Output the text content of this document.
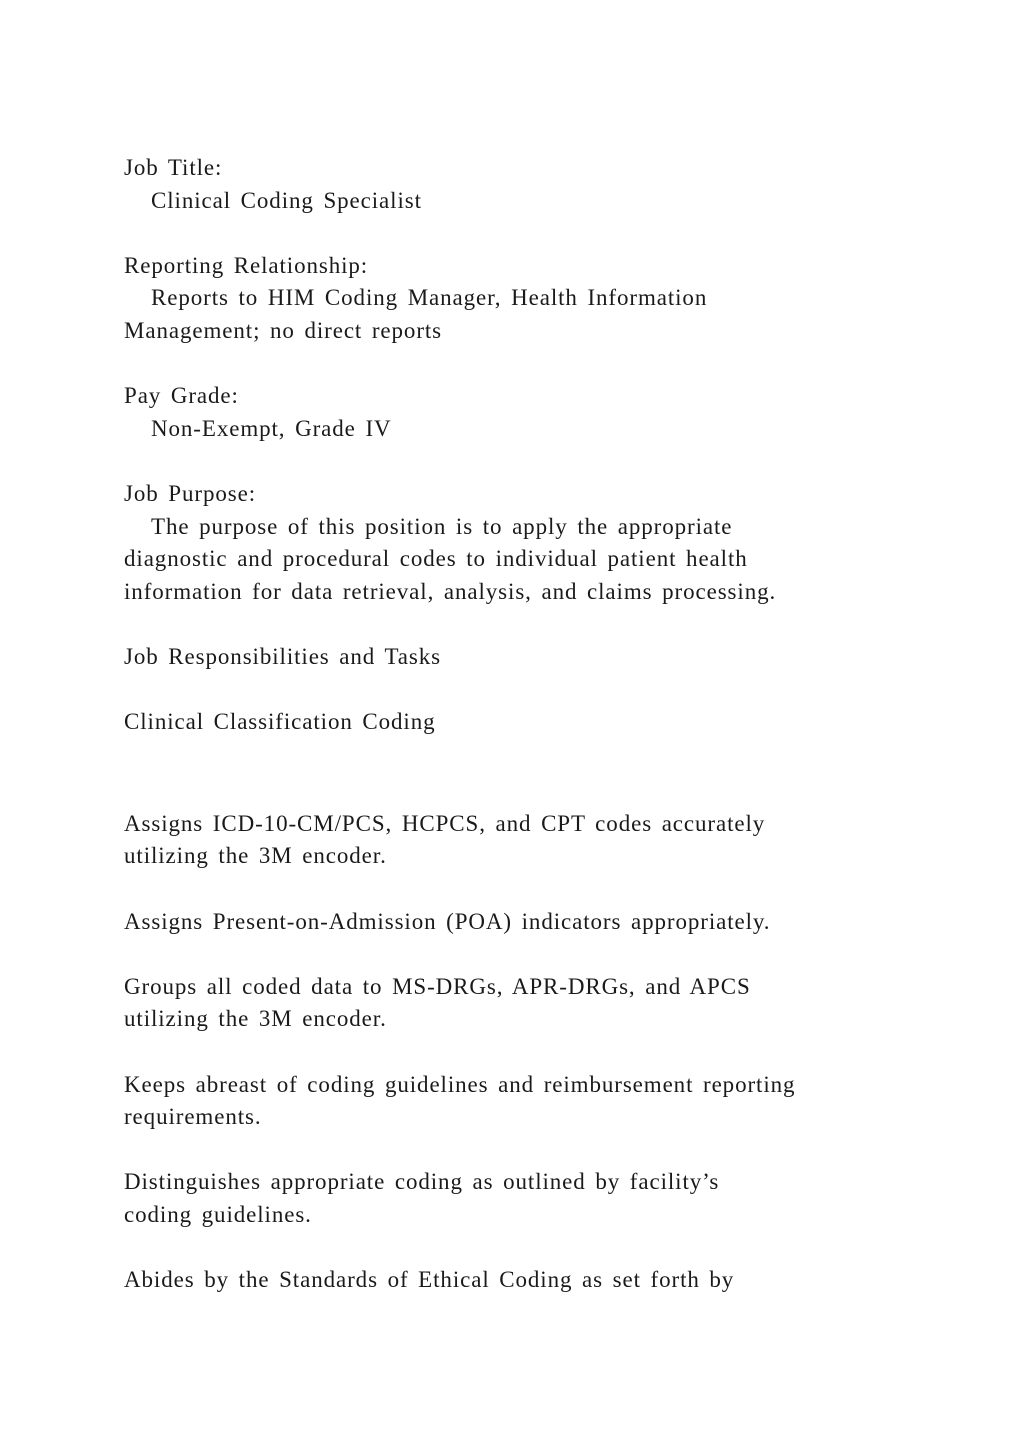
Job Title:
Clinical Coding Specialist
Reporting Relationship:
Reports to HIM Coding Manager, Health Information
Management; no direct reports
Pay Grade:
Non-Exempt, Grade IV
Job Purpose:
The purpose of this position is to apply the appropriate
diagnostic and procedural codes to individual patient health
information for data retrieval, analysis, and claims processing.
Job Responsibilities and Tasks
Clinical Classification Coding
Assigns ICD-10-CM/PCS, HCPCS, and CPT codes accurately
utilizing the 3M encoder.
Assigns Present-on-Admission (POA) indicators appropriately.
Groups all coded data to MS-DRGs, APR-DRGs, and APCS
utilizing the 3M encoder.
Keeps abreast of coding guidelines and reimbursement reporting
requirements.
Distinguishes appropriate coding as outlined by facility’s
coding guidelines.
Abides by the Standards of Ethical Coding as set forth by
